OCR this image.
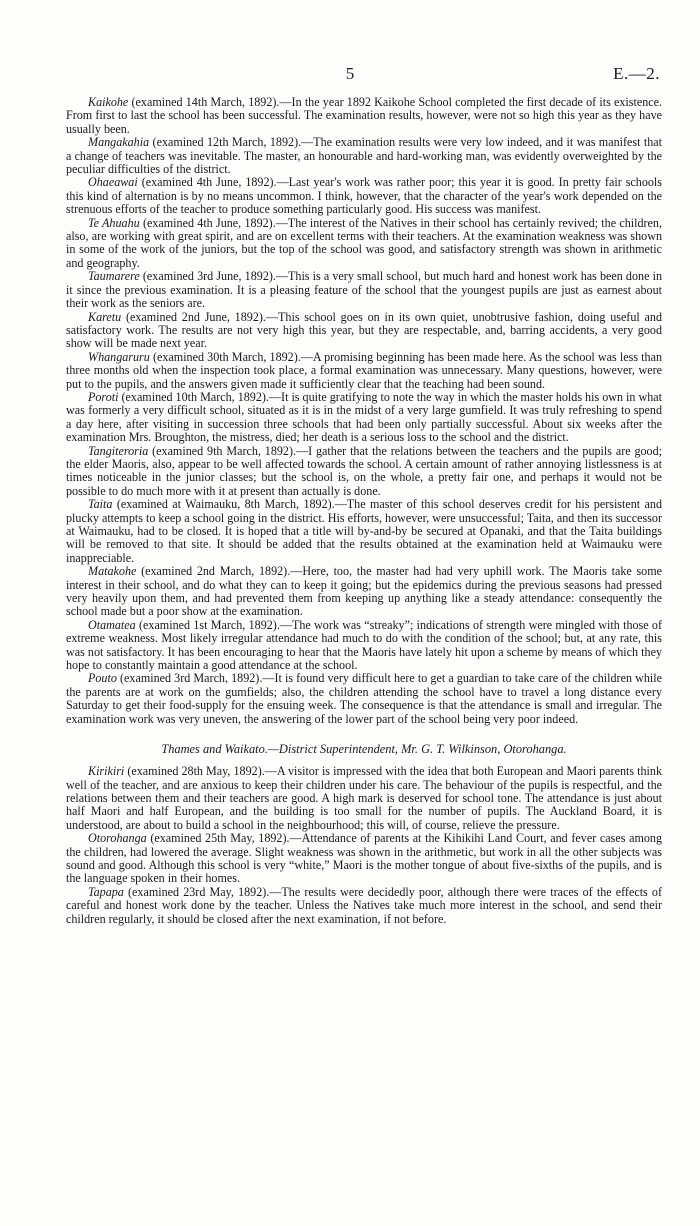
5	E.—2.

Kaikohe (examined 14th March, 1892).—In the year 1892 Kaikohe School completed the first decade of its existence. From first to last the school has been successful. The examination results, however, were not so high this year as they have usually been.

Mangakahia (examined 12th March, 1892).—The examination results were very low indeed, and it was manifest that a change of teachers was inevitable. The master, an honourable and hard-working man, was evidently overweighted by the peculiar difficulties of the district.

Ohaeawai (examined 4th June, 1892).—Last year's work was rather poor; this year it is good. In pretty fair schools this kind of alternation is by no means uncommon. I think, however, that the character of the year's work depended on the strenuous efforts of the teacher to produce something particularly good. His success was manifest.

Te Ahuahu (examined 4th June, 1892).—The interest of the Natives in their school has certainly revived; the children, also, are working with great spirit, and are on excellent terms with their teachers. At the examination weakness was shown in some of the work of the juniors, but the top of the school was good, and satisfactory strength was shown in arithmetic and geography.

Taumarere (examined 3rd June, 1892).—This is a very small school, but much hard and honest work has been done in it since the previous examination. It is a pleasing feature of the school that the youngest pupils are just as earnest about their work as the seniors are.

Karetu (examined 2nd June, 1892).—This school goes on in its own quiet, unobtrusive fashion, doing useful and satisfactory work. The results are not very high this year, but they are respectable, and, barring accidents, a very good show will be made next year.

Whangaruru (examined 30th March, 1892).—A promising beginning has been made here. As the school was less than three months old when the inspection took place, a formal examination was unnecessary. Many questions, however, were put to the pupils, and the answers given made it sufficiently clear that the teaching had been sound.

Poroti (examined 10th March, 1892).—It is quite gratifying to note the way in which the master holds his own in what was formerly a very difficult school, situated as it is in the midst of a very large gumfield. It was truly refreshing to spend a day here, after visiting in succession three schools that had been only partially successful. About six weeks after the examination Mrs. Broughton, the mistress, died; her death is a serious loss to the school and the district.

Tangiteroria (examined 9th March, 1892).—I gather that the relations between the teachers and the pupils are good; the elder Maoris, also, appear to be well affected towards the school. A certain amount of rather annoying listlessness is at times noticeable in the junior classes; but the school is, on the whole, a pretty fair one, and perhaps it would not be possible to do much more with it at present than actually is done.

Taita (examined at Waimauku, 8th March, 1892).—The master of this school deserves credit for his persistent and plucky attempts to keep a school going in the district. His efforts, however, were unsuccessful; Taita, and then its successor at Waimauku, had to be closed. It is hoped that a title will by-and-by be secured at Opanaki, and that the Taita buildings will be removed to that site. It should be added that the results obtained at the examination held at Waimauku were inappreciable.

Matakohe (examined 2nd March, 1892).—Here, too, the master had had very uphill work. The Maoris take some interest in their school, and do what they can to keep it going; but the epidemics during the previous seasons had pressed very heavily upon them, and had prevented them from keeping up anything like a steady attendance: consequently the school made but a poor show at the examination.

Otamatea (examined 1st March, 1892).—The work was “streaky”; indications of strength were mingled with those of extreme weakness. Most likely irregular attendance had much to do with the condition of the school; but, at any rate, this was not satisfactory. It has been encouraging to hear that the Maoris have lately hit upon a scheme by means of which they hope to constantly maintain a good attendance at the school.

Pouto (examined 3rd March, 1892).—It is found very difficult here to get a guardian to take care of the children while the parents are at work on the gumfields; also, the children attending the school have to travel a long distance every Saturday to get their food-supply for the ensuing week. The consequence is that the attendance is small and irregular. The examination work was very uneven, the answering of the lower part of the school being very poor indeed.

Thames and Waikato.—District Superintendent, Mr. G. T. Wilkinson, Otorohanga.

Kirikiri (examined 28th May, 1892).—A visitor is impressed with the idea that both European and Maori parents think well of the teacher, and are anxious to keep their children under his care. The behaviour of the pupils is respectful, and the relations between them and their teachers are good. A high mark is deserved for school tone. The attendance is just about half Maori and half European, and the building is too small for the number of pupils. The Auckland Board, it is understood, are about to build a school in the neighbourhood; this will, of course, relieve the pressure.

Otorohanga (examined 25th May, 1892).—Attendance of parents at the Kihikihi Land Court, and fever cases among the children, had lowered the average. Slight weakness was shown in the arithmetic, but work in all the other subjects was sound and good. Although this school is very “white,” Maori is the mother tongue of about five-sixths of the pupils, and is the language spoken in their homes.

Tapapa (examined 23rd May, 1892).—The results were decidedly poor, although there were traces of the effects of careful and honest work done by the teacher. Unless the Natives take much more interest in the school, and send their children regularly, it should be closed after the next examination, if not before.
